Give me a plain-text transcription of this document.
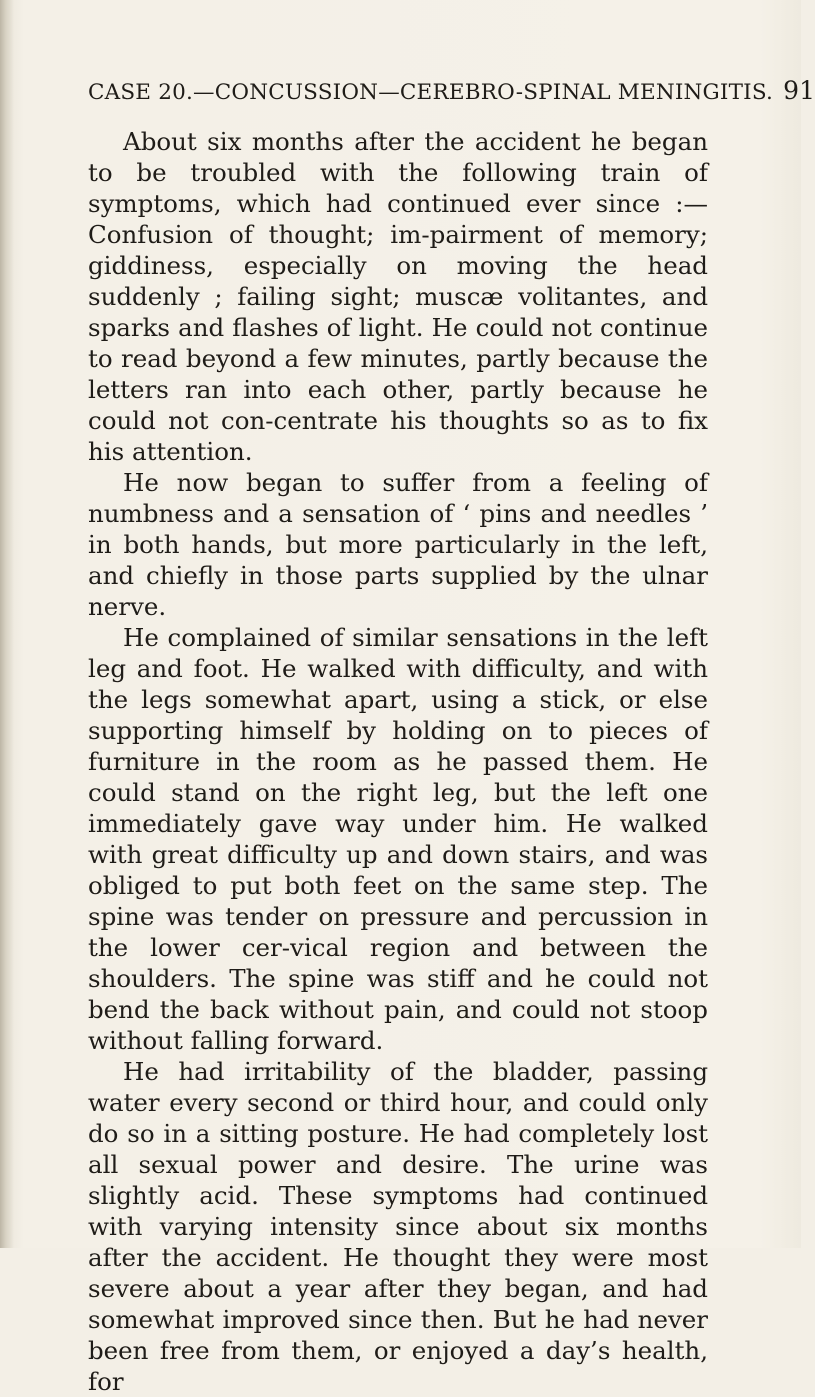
CASE 20.—CONCUSSION—CEREBRO-SPINAL MENINGITIS. 91

About six months after the accident he began to be troubled with the following train of symptoms, which had continued ever since :—Confusion of thought; im-pairment of memory; giddiness, especially on moving the head suddenly ; failing sight; muscæ volitantes, and sparks and flashes of light. He could not continue to read beyond a few minutes, partly because the letters ran into each other, partly because he could not con-centrate his thoughts so as to fix his attention.

He now began to suffer from a feeling of numbness and a sensation of ‘ pins and needles ’ in both hands, but more particularly in the left, and chiefly in those parts supplied by the ulnar nerve.

He complained of similar sensations in the left leg and foot. He walked with difficulty, and with the legs somewhat apart, using a stick, or else supporting himself by holding on to pieces of furniture in the room as he passed them. He could stand on the right leg, but the left one immediately gave way under him. He walked with great difficulty up and down stairs, and was obliged to put both feet on the same step. The spine was tender on pressure and percussion in the lower cer-vical region and between the shoulders. The spine was stiff and he could not bend the back without pain, and could not stoop without falling forward.

He had irritability of the bladder, passing water every second or third hour, and could only do so in a sitting posture. He had completely lost all sexual power and desire. The urine was slightly acid. These symptoms had continued with varying intensity since about six months after the accident. He thought they were most severe about a year after they began, and had somewhat improved since then. But he had never been free from them, or enjoyed a day’s health, for
